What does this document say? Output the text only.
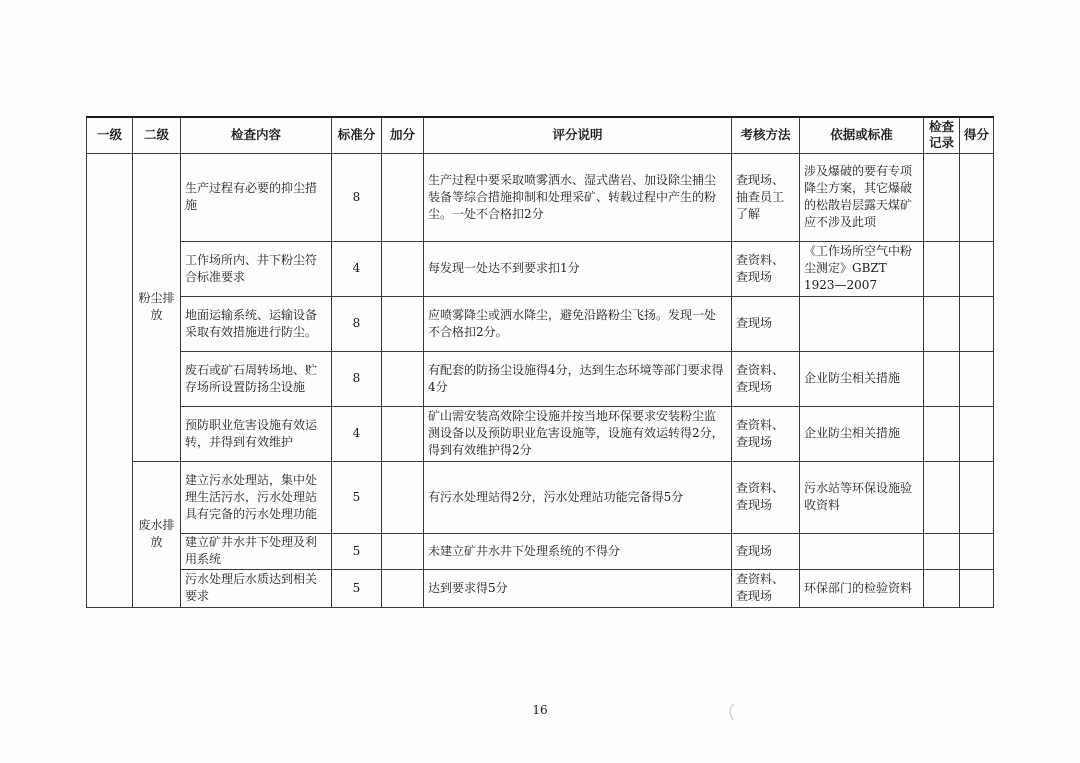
一级	二级	检查内容	标准分	加分	评分说明	考核方法	依据或标准	检查记录	得分
	粉尘排放	生产过程有必要的抑尘措施	8		生产过程中要采取喷雾洒水、湿式凿岩、加设除尘捕尘装备等综合措施抑制和处理采矿、转载过程中产生的粉尘。一处不合格扣2分	查现场、抽查员工了解	涉及爆破的要有专项降尘方案，其它爆破的松散岩层露天煤矿应不涉及此项		
		工作场所内、井下粉尘符合标准要求	4		每发现一处达不到要求扣1分	查资料、查现场	《工作场所空气中粉尘测定》GBZT 1923—2007		
		地面运输系统、运输设备采取有效措施进行防尘。	8		应喷雾降尘或洒水降尘，避免沿路粉尘飞扬。发现一处不合格扣2分。	查现场			
		废石或矿石周转场地、贮存场所设置防扬尘设施	8		有配套的防扬尘设施得4分，达到生态环境等部门要求得4分	查资料、查现场	企业防尘相关措施		
		预防职业危害设施有效运转，并得到有效维护	4		矿山需安装高效除尘设施并按当地环保要求安装粉尘监测设备以及预防职业危害设施等，设施有效运转得2分，得到有效维护得2分	查资料、查现场	企业防尘相关措施		
	废水排放	建立污水处理站，集中处理生活污水，污水处理站具有完备的污水处理功能	5		有污水处理站得2分，污水处理站功能完备得5分	查资料、查现场	污水站等环保设施验收资料		
		建立矿井水井下处理及利用系统	5		未建立矿井水井下处理系统的不得分	查现场			
		污水处理后水质达到相关要求	5		达到要求得5分	查资料、查现场	环保部门的检验资料		
16
